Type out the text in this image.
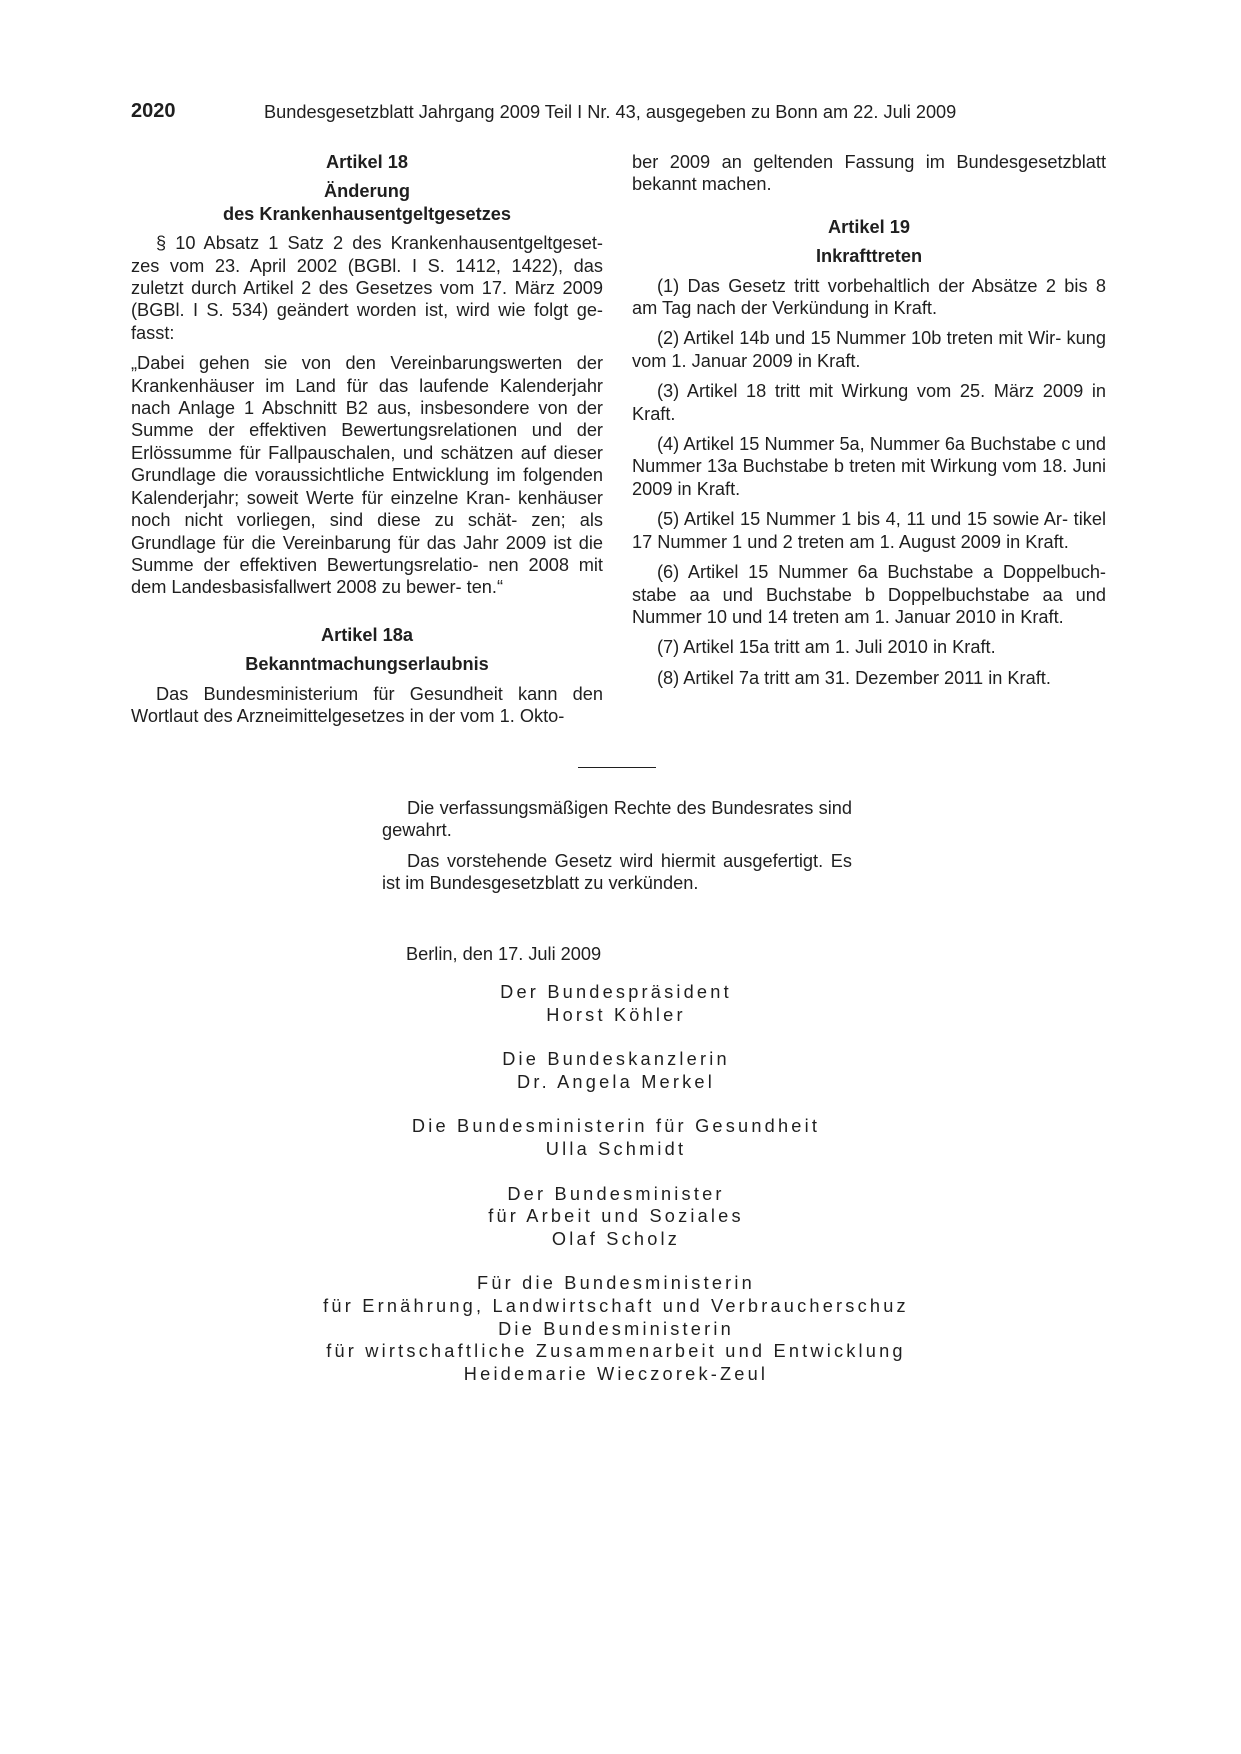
2020	Bundesgesetzblatt Jahrgang 2009 Teil I Nr. 43, ausgegeben zu Bonn am 22. Juli 2009
Artikel 18
Änderung
des Krankenhausentgeltgesetzes

§ 10 Absatz 1 Satz 2 des Krankenhausentgeltgeset- zes vom 23. April 2002 (BGBl. I S. 1412, 1422), das zuletzt durch Artikel 2 des Gesetzes vom 17. März 2009 (BGBl. I S. 534) geändert worden ist, wird wie folgt ge- fasst:

„Dabei gehen sie von den Vereinbarungswerten der Krankenhäuser im Land für das laufende Kalenderjahr nach Anlage 1 Abschnitt B2 aus, insbesondere von der Summe der effektiven Bewertungsrelationen und der Erlössumme für Fallpauschalen, und schätzen auf dieser Grundlage die voraussichtliche Entwicklung im folgenden Kalenderjahr; soweit Werte für einzelne Kran- kenhäuser noch nicht vorliegen, sind diese zu schät- zen; als Grundlage für die Vereinbarung für das Jahr 2009 ist die Summe der effektiven Bewertungsrelatio- nen 2008 mit dem Landesbasisfallwert 2008 zu bewer- ten.“

Artikel 18a
Bekanntmachungserlaubnis

Das Bundesministerium für Gesundheit kann den Wortlaut des Arzneimittelgesetzes in der vom 1. Okto-

ber 2009 an geltenden Fassung im Bundesgesetzblatt bekannt machen.

Artikel 19
Inkrafttreten

(1) Das Gesetz tritt vorbehaltlich der Absätze 2 bis 8 am Tag nach der Verkündung in Kraft.

(2) Artikel 14b und 15 Nummer 10b treten mit Wir- kung vom 1. Januar 2009 in Kraft.

(3) Artikel 18 tritt mit Wirkung vom 25. März 2009 in Kraft.

(4) Artikel 15 Nummer 5a, Nummer 6a Buchstabe c und Nummer 13a Buchstabe b treten mit Wirkung vom 18. Juni 2009 in Kraft.

(5) Artikel 15 Nummer 1 bis 4, 11 und 15 sowie Ar- tikel 17 Nummer 1 und 2 treten am 1. August 2009 in Kraft.

(6) Artikel 15 Nummer 6a Buchstabe a Doppelbuch- stabe aa und Buchstabe b Doppelbuchstabe aa und Nummer 10 und 14 treten am 1. Januar 2010 in Kraft.

(7) Artikel 15a tritt am 1. Juli 2010 in Kraft.

(8) Artikel 7a tritt am 31. Dezember 2011 in Kraft.

Die verfassungsmäßigen Rechte des Bundesrates sind gewahrt.

Das vorstehende Gesetz wird hiermit ausgefertigt. Es ist im Bundesgesetzblatt zu verkünden.

Berlin, den 17. Juli 2009
Der Bundespräsident
Horst Köhler
Die Bundeskanzlerin
Dr. Angela Merkel
Die Bundesministerin für Gesundheit
Ulla Schmidt
Der Bundesminister
für Arbeit und Soziales
Olaf Scholz
Für die Bundesministerin
für Ernährung, Landwirtschaft und Verbraucherschuz
Die Bundesministerin
für wirtschaftliche Zusammenarbeit und Entwicklung
Heidemarie Wieczorek-Zeul
